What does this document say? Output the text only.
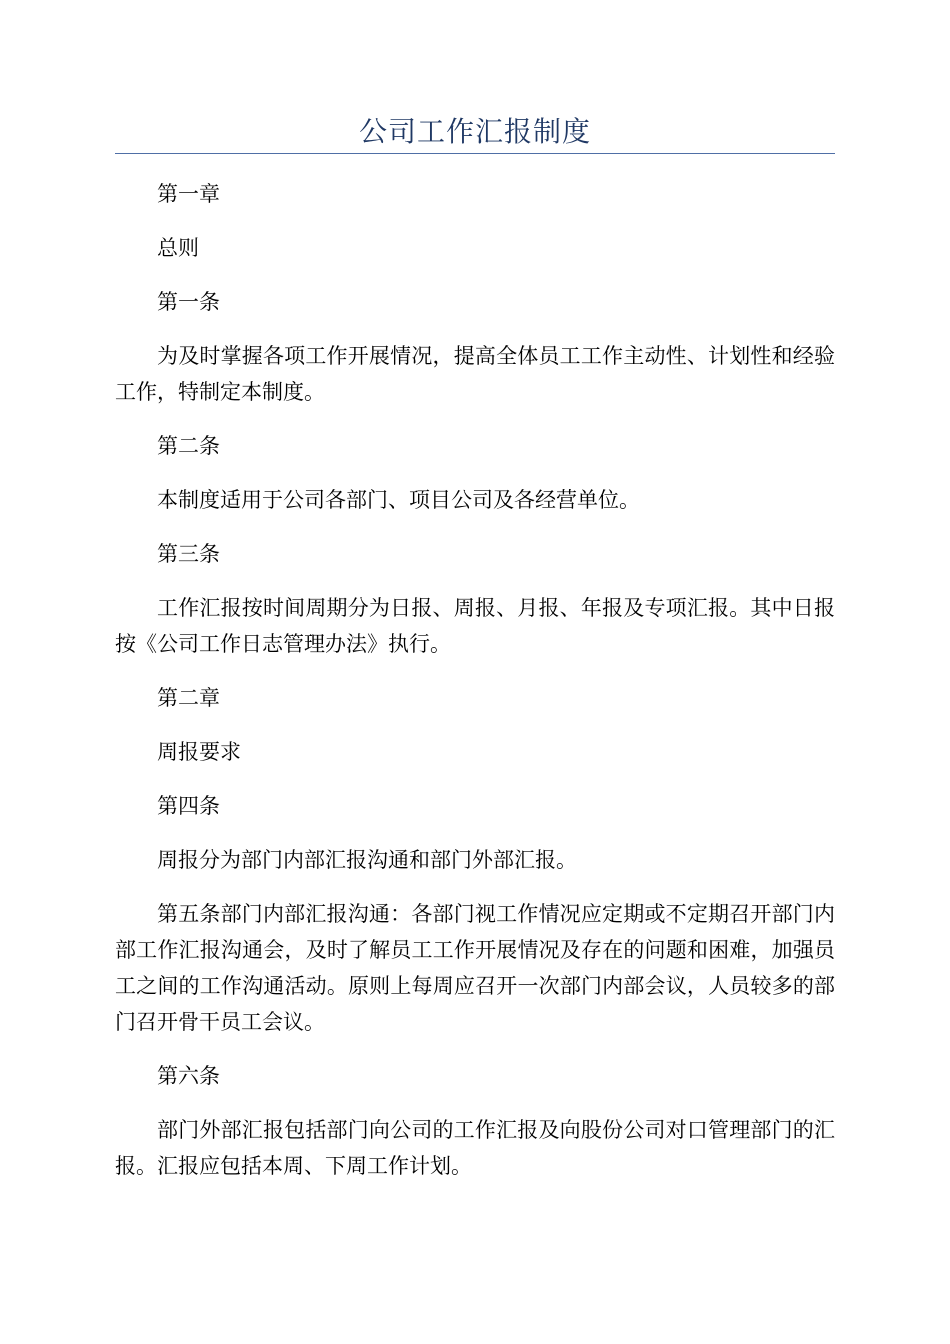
公司工作汇报制度

第一章

总则

第一条

为及时掌握各项工作开展情况，提高全体员工工作主动性、计划性和经验工作，特制定本制度。

第二条

本制度适用于公司各部门、项目公司及各经营单位。

第三条

工作汇报按时间周期分为日报、周报、月报、年报及专项汇报。其中日报按《公司工作日志管理办法》执行。

第二章

周报要求

第四条

周报分为部门内部汇报沟通和部门外部汇报。

第五条部门内部汇报沟通：各部门视工作情况应定期或不定期召开部门内部工作汇报沟通会，及时了解员工工作开展情况及存在的问题和困难，加强员工之间的工作沟通活动。原则上每周应召开一次部门内部会议，人员较多的部门召开骨干员工会议。

第六条

部门外部汇报包括部门向公司的工作汇报及向股份公司对口管理部门的汇报。汇报应包括本周、下周工作计划。
